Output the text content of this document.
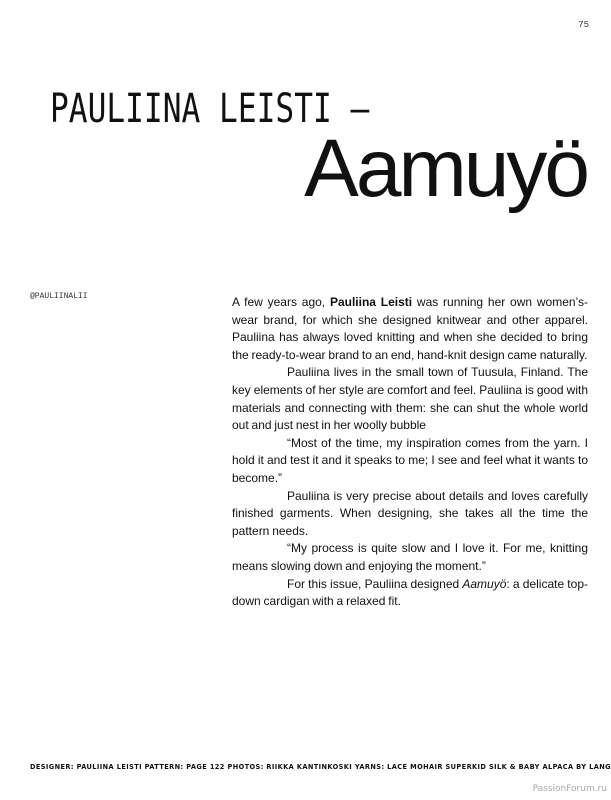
75
PAULIINA LEISTI —
Aamuyö
@PAULIINALII	A few years ago, Pauliina Leisti was running her own women’s-wear brand, for which she designed knitwear and other apparel. Pauliina has always loved knitting and when she decided to bring the ready-to-wear brand to an end, hand-knit design came naturally.

Pauliina lives in the small town of Tuusula, Finland. The key elements of her style are comfort and feel. Pauliina is good with materials and connecting with them: she can shut the whole world out and just nest in her woolly bubble

“Most of the time, my inspiration comes from the yarn. I hold it and test it and it speaks to me; I see and feel what it wants to become.”

Pauliina is very precise about details and loves carefully finished garments. When designing, she takes all the time the pattern needs.

“My process is quite slow and I love it. For me, knitting means slowing down and enjoying the moment.”

For this issue, Pauliina designed Aamuyö: a delicate top-down cardigan with a relaxed fit.

DESIGNER: PAULIINA LEISTI PATTERN: PAGE 122 PHOTOS: RIIKKA KANTINKOSKI YARNS: LACE MOHAIR SUPERKID SILK & BABY ALPACA BY LANG
PassionForum.ru
